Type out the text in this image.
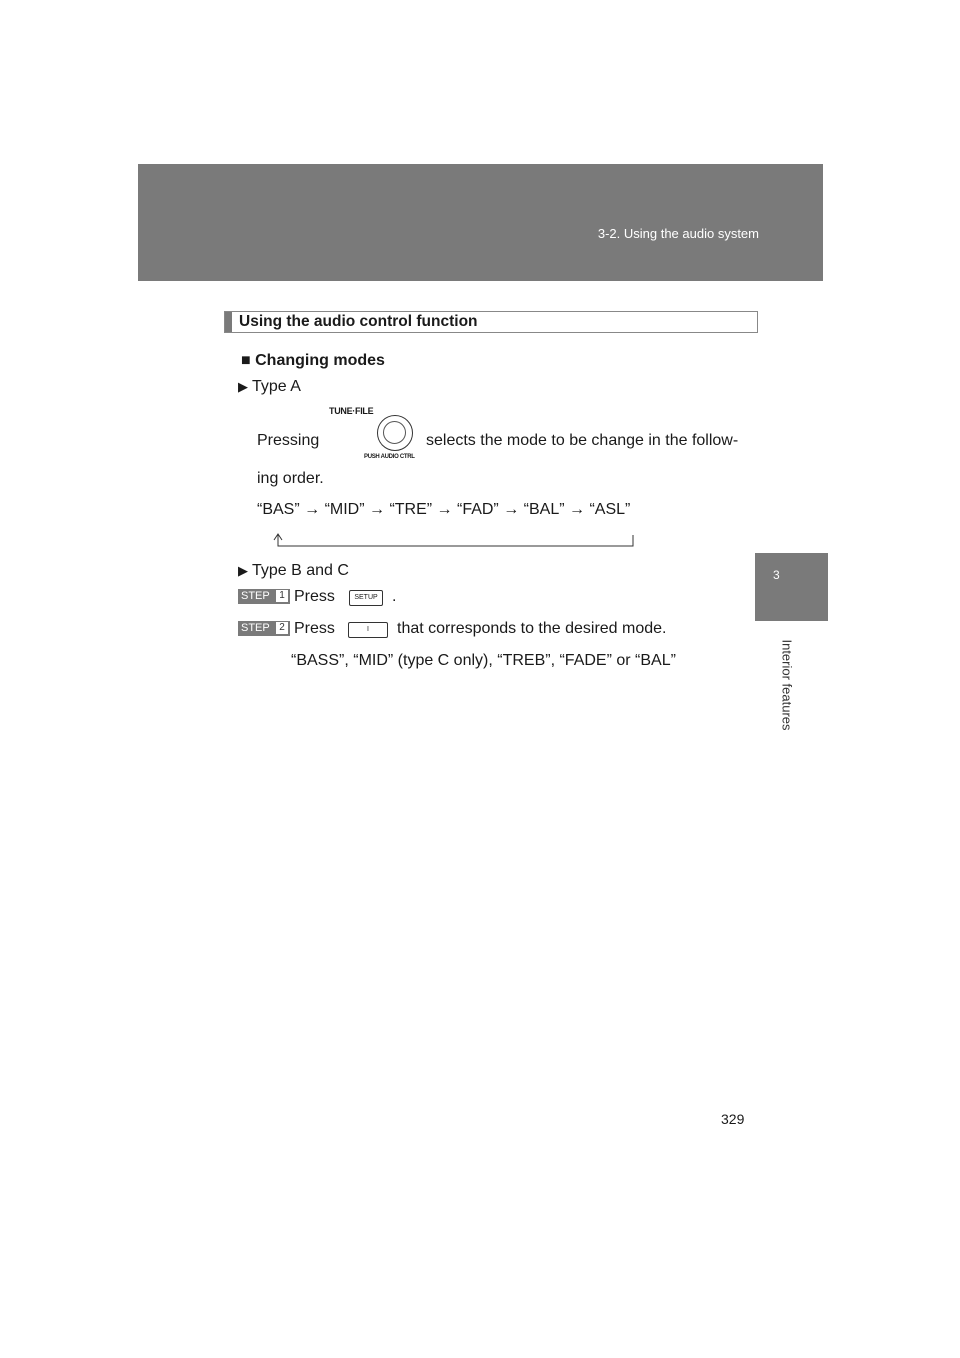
3-2. Using the audio system
3
Interior features
Using the audio control function
■ Changing modes
▶ Type A
Pressing
TUNE·FILE
PUSH AUDIO CTRL
selects the mode to be change in the follow-
ing order.
“BAS” → “MID” → “TRE” → “FAD” → “BAL” → “ASL”
▶ Type B and C
STEP 1 Press	SETUP .
STEP 2 Press	I	that corresponds to the desired mode.
“BASS”, “MID” (type C only), “TREB”, “FADE” or “BAL”
329
